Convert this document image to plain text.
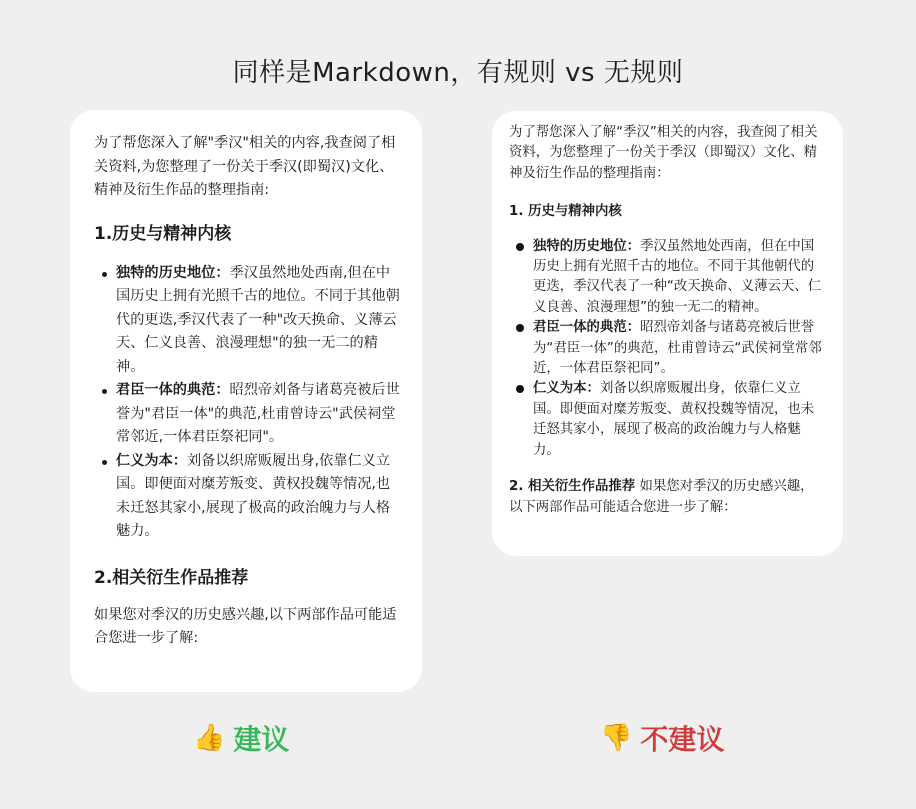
同样是Markdown，有规则 vs 无规则

为了帮您深入了解"季汉"相关的内容,我查阅了相关资料,为您整理了一份关于季汉(即蜀汉)文化、精神及衍生作品的整理指南:

1.历史与精神内核
独特的历史地位：季汉虽然地处西南,但在中国历史上拥有光照千古的地位。不同于其他朝代的更迭,季汉代表了一种"改天换命、义薄云天、仁义良善、浪漫理想"的独一无二的精神。
君臣一体的典范：昭烈帝刘备与诸葛亮被后世誉为"君臣一体"的典范,杜甫曾诗云"武侯祠堂常邻近,一体君臣祭祀同"。
仁义为本：刘备以织席贩履出身,依靠仁义立国。即便面对糜芳叛变、黄权投魏等情况,也未迁怒其家小,展现了极高的政治魄力与人格魅力。
2.相关衍生作品推荐

如果您对季汉的历史感兴趣,以下两部作品可能适合您进一步了解:

为了帮您深入了解“季汉”相关的内容，我查阅了相关资料，为您整理了一份关于季汉（即蜀汉）文化、精神及衍生作品的整理指南：

1. 历史与精神内核
独特的历史地位：季汉虽然地处西南，但在中国历史上拥有光照千古的地位。不同于其他朝代的更迭，季汉代表了一种“改天换命、义薄云天、仁义良善、浪漫理想”的独一无二的精神。
君臣一体的典范：昭烈帝刘备与诸葛亮被后世誉为“君臣一体”的典范，杜甫曾诗云“武侯祠堂常邻近，一体君臣祭祀同”。
仁义为本：刘备以织席贩履出身，依靠仁义立国。即便面对糜芳叛变、黄权投魏等情况，也未迁怒其家小，展现了极高的政治魄力与人格魅力。

2. 相关衍生作品推荐 如果您对季汉的历史感兴趣，以下两部作品可能适合您进一步了解：

👍 建议	👎 不建议
